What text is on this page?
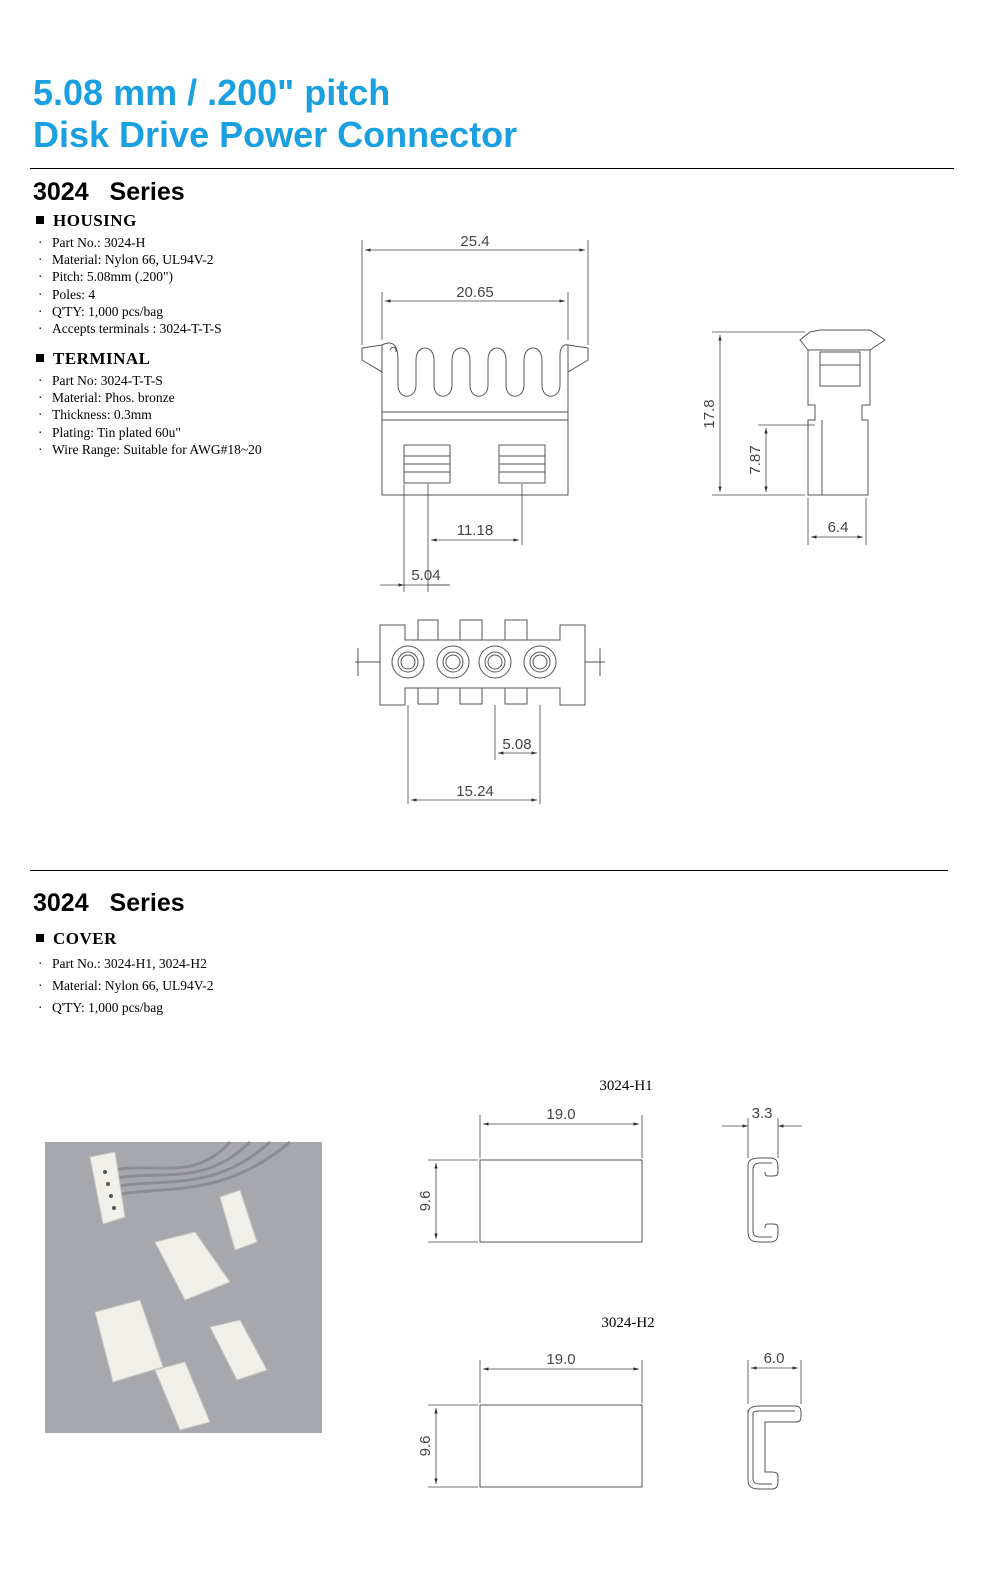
5.08 mm / .200" pitch
Disk Drive Power Connector
3024 Series
HOUSING
· Part No.: 3024-H
· Material: Nylon 66, UL94V-2
· Pitch: 5.08mm (.200")
· Poles: 4
· Q'TY: 1,000 pcs/bag
· Accepts terminals : 3024-T-T-S
TERMINAL
· Part No: 3024-T-T-S
· Material: Phos. bronze
· Thickness: 0.3mm
· Plating: Tin plated 60u"
· Wire Range: Suitable for AWG#18~20
25.4
20.65
11.18
5.04
5.08
15.24
6.4
17.8
7.87
3024 Series
COVER
· Part No.: 3024-H1, 3024-H2
· Material: Nylon 66, UL94V-2
· Q'TY: 1,000 pcs/bag
3024-H1
3024-H2
19.0	3.3
9.6
19.0	6.0
9.6
